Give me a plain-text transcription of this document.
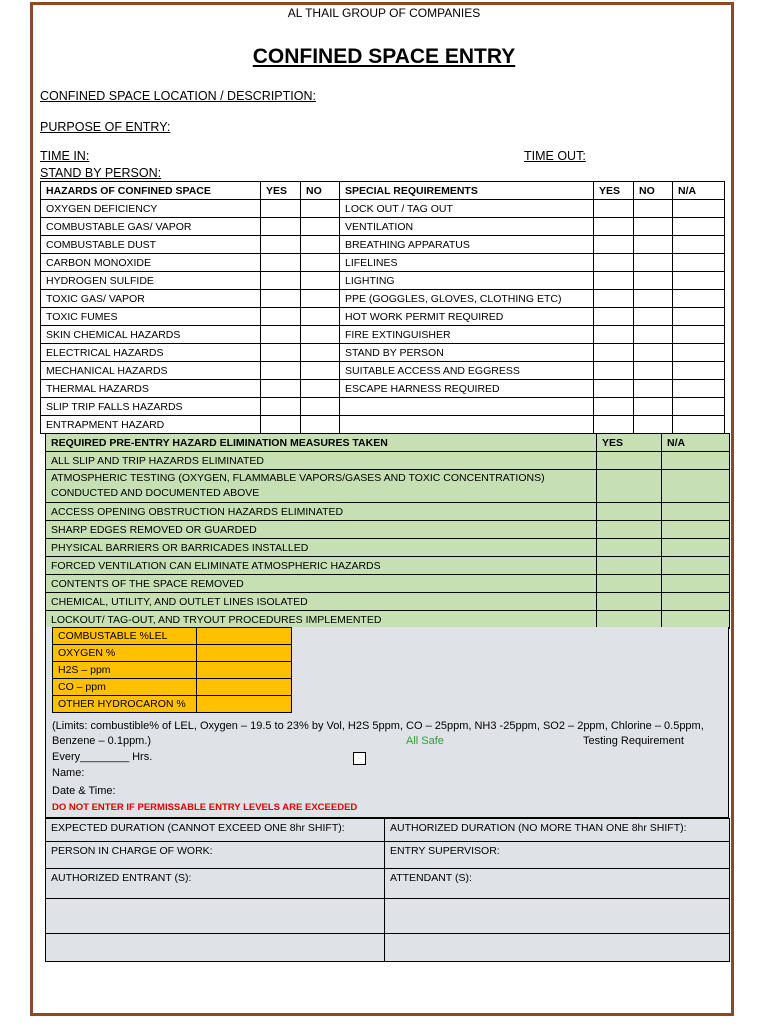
AL THAIL GROUP OF COMPANIES
CONFINED SPACE ENTRY
CONFINED SPACE LOCATION / DESCRIPTION:
PURPOSE OF ENTRY:
TIME IN:	TIME OUT:
STAND BY PERSON:
HAZARDS OF CONFINED SPACE	YES	NO	SPECIAL REQUIREMENTS	YES	NO	N/A
OXYGEN DEFICIENCY			LOCK OUT / TAG OUT			
COMBUSTABLE GAS/ VAPOR			VENTILATION			
COMBUSTABLE DUST			BREATHING APPARATUS			
CARBON MONOXIDE			LIFELINES			
HYDROGEN SULFIDE			LIGHTING			
TOXIC GAS/ VAPOR			PPE (GOGGLES, GLOVES, CLOTHING ETC)			
TOXIC FUMES			HOT WORK PERMIT REQUIRED			
SKIN CHEMICAL HAZARDS			FIRE EXTINGUISHER			
ELECTRICAL HAZARDS			STAND BY PERSON			
MECHANICAL HAZARDS			SUITABLE ACCESS AND EGGRESS			
THERMAL HAZARDS			ESCAPE HARNESS REQUIRED			
SLIP TRIP FALLS HAZARDS						
ENTRAPMENT HAZARD						
REQUIRED PRE-ENTRY HAZARD ELIMINATION MEASURES TAKEN	YES	N/A
ALL SLIP AND TRIP HAZARDS ELIMINATED		
ATMOSPHERIC TESTING (OXYGEN, FLAMMABLE VAPORS/GASES AND TOXIC CONCENTRATIONS) CONDUCTED AND DOCUMENTED ABOVE		
ACCESS OPENING OBSTRUCTION HAZARDS ELIMINATED		
SHARP EDGES REMOVED OR GUARDED		
PHYSICAL BARRIERS OR BARRICADES INSTALLED		
FORCED VENTILATION CAN ELIMINATE ATMOSPHERIC HAZARDS		
CONTENTS OF THE SPACE REMOVED		
CHEMICAL, UTILITY, AND OUTLET LINES ISOLATED		
LOCKOUT/ TAG-OUT, AND TRYOUT PROCEDURES IMPLEMENTED		
COMBUSTABLE %LEL	
OXYGEN %	
H2S – ppm	
CO – ppm	
OTHER HYDROCARON %	
(Limits: combustible% of LEL, Oxygen – 19.5 to 23% by Vol, H2S 5ppm, CO – 25ppm, NH3 -25ppm, SO2 – 2ppm, Chlorine – 0.5ppm, Benzene – 0.1ppm.)	All Safe	Testing Requirement
Every________ Hrs.
Name:
Date & Time:
DO NOT ENTER IF PERMISSABLE ENTRY LEVELS ARE EXCEEDED
EXPECTED DURATION (CANNOT EXCEED ONE 8hr SHIFT):	AUTHORIZED DURATION (NO MORE THAN ONE 8hr SHIFT):
PERSON IN CHARGE OF WORK:	ENTRY SUPERVISOR:
AUTHORIZED ENTRANT (S):	ATTENDANT (S):
